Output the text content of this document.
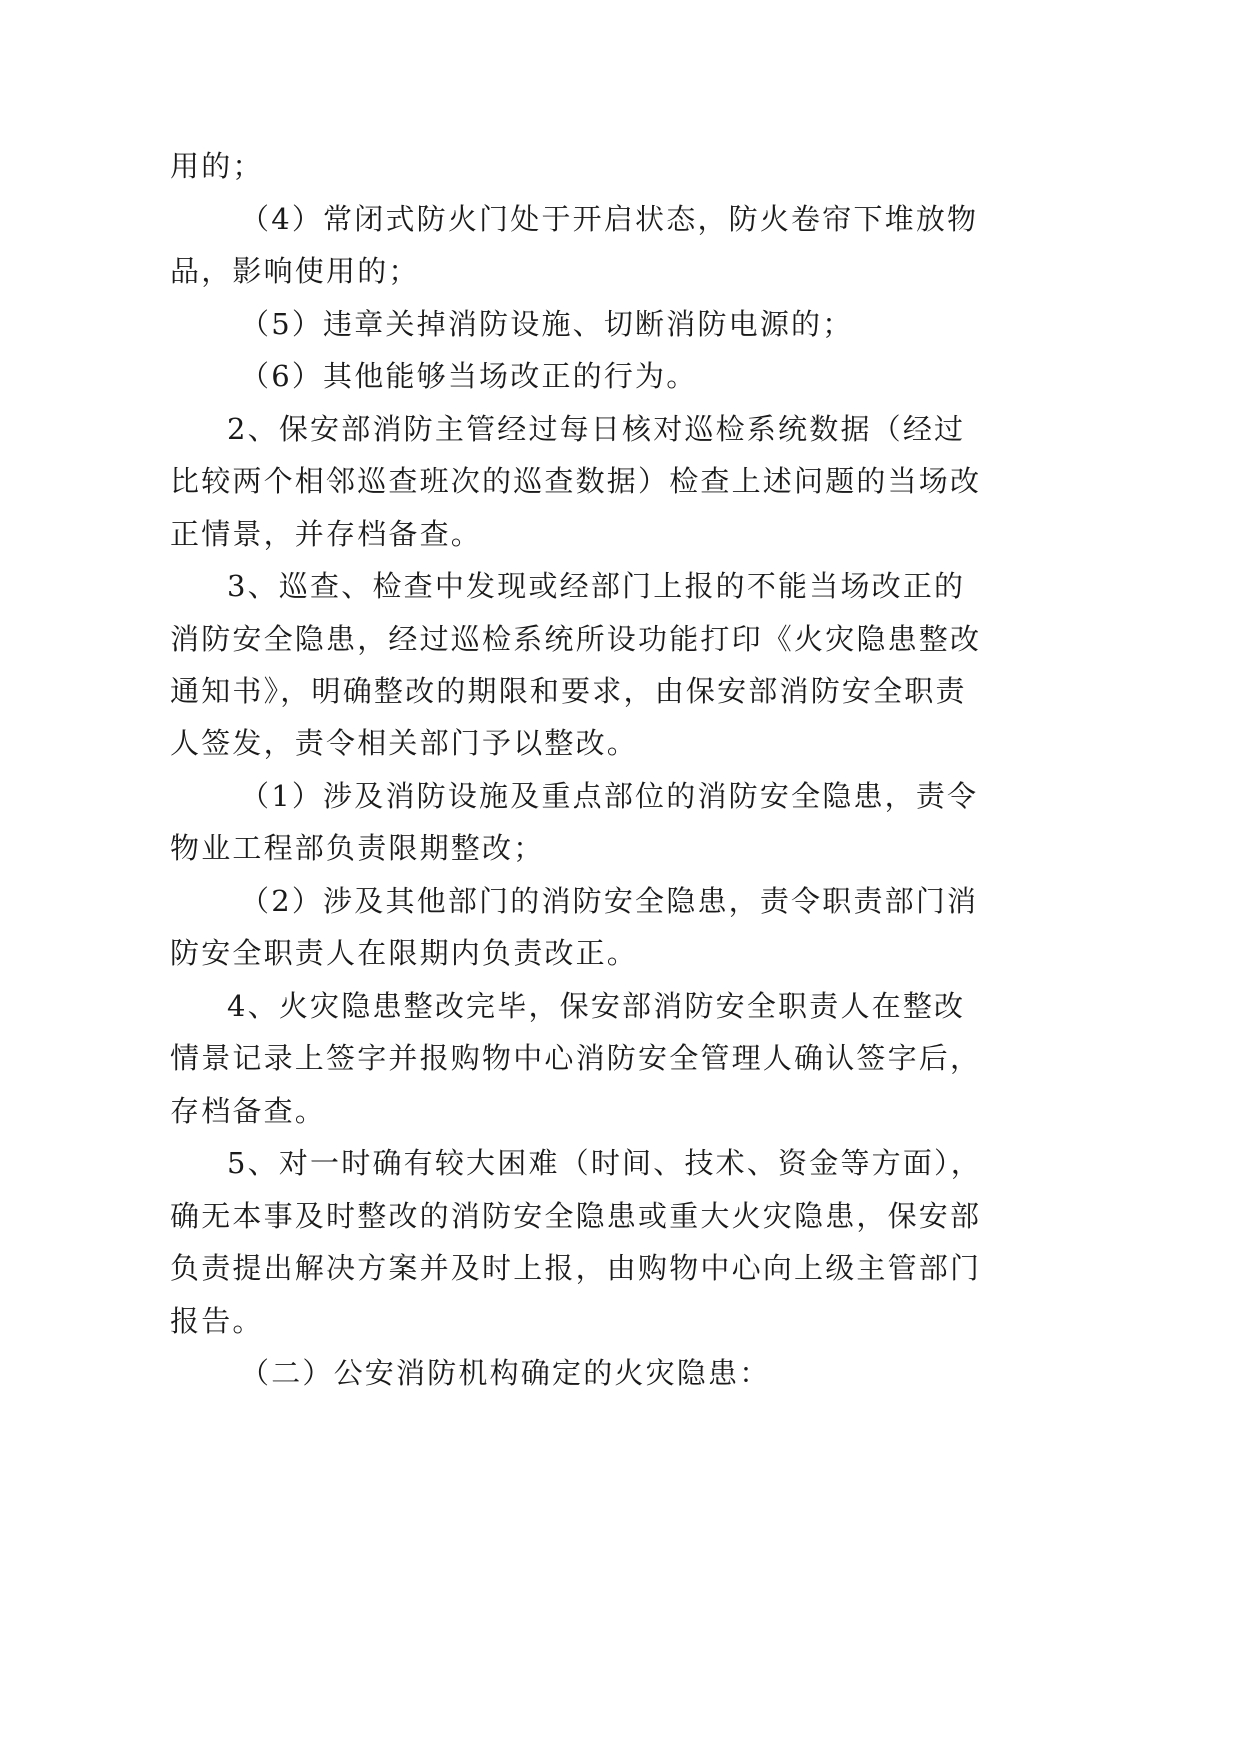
用的；
（4）常闭式防火门处于开启状态，防火卷帘下堆放物
品，影响使用的；
（5）违章关掉消防设施、切断消防电源的；
（6）其他能够当场改正的行为。
2、保安部消防主管经过每日核对巡检系统数据（经过
比较两个相邻巡查班次的巡查数据）检查上述问题的当场改
正情景，并存档备查。
3、巡查、检查中发现或经部门上报的不能当场改正的
消防安全隐患，经过巡检系统所设功能打印《火灾隐患整改
通知书》，明确整改的期限和要求，由保安部消防安全职责
人签发，责令相关部门予以整改。
（1）涉及消防设施及重点部位的消防安全隐患，责令
物业工程部负责限期整改；
（2）涉及其他部门的消防安全隐患，责令职责部门消
防安全职责人在限期内负责改正。
4、火灾隐患整改完毕，保安部消防安全职责人在整改
情景记录上签字并报购物中心消防安全管理人确认签字后，
存档备查。
5、对一时确有较大困难（时间、技术、资金等方面），
确无本事及时整改的消防安全隐患或重大火灾隐患，保安部
负责提出解决方案并及时上报，由购物中心向上级主管部门
报告。
（二）公安消防机构确定的火灾隐患：
